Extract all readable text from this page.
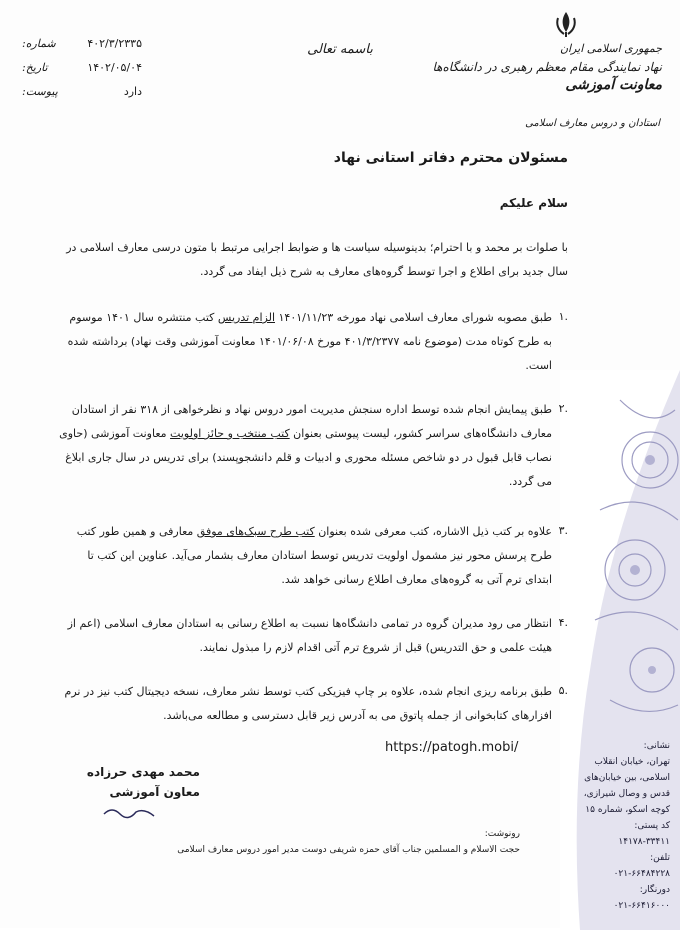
شماره:	۴۰۲/۳/۲۳۳۵
تاریخ:	۱۴۰۲/۰۵/۰۴
پیوست:	دارد
باسمه تعالی	جمهوری اسلامی ایران
نهاد نمایندگی مقام معظم رهبری در دانشگاه‌ها
معاونت آموزشی
استادان و دروس معارف اسلامی
مسئولان محترم دفاتر استانی نهاد
سلام علیکم
با صلوات بر محمد و با احترام؛ بدینوسیله سیاست ها و ضوابط اجرایی مرتبط با متون درسی معارف اسلامی در سال جدید برای اطلاع و اجرا توسط گروه‌های معارف به شرح ذیل ایفاد می گردد.
۱.
طبق مصوبه شورای معارف اسلامی نهاد مورخه ۱۴۰۱/۱۱/۲۳ الزام تدریس کتب منتشره سال ۱۴۰۱ موسوم به طرح کوتاه مدت (موضوع نامه ۴۰۱/۳/۲۳۷۷ مورخ ۱۴۰۱/۰۶/۰۸ معاونت آموزشی وقت نهاد) برداشته شده است.
۲.
طبق پیمایش انجام شده توسط اداره سنجش مدیریت امور دروس نهاد و نظرخواهی از ۳۱۸ نفر از استادان معارف دانشگاه‌های سراسر کشور، لیست پیوستی بعنوان کتب منتخب و حائز اولویت معاونت آموزشی (حاوی نصاب قابل قبول در دو شاخص مسئله محوری و ادبیات و قلم دانشجوپسند) برای تدریس در سال جاری ابلاغ می گردد.
۳.
علاوه بر کتب ذیل الاشاره، کتب معرفی شده بعنوان کتب طرح سبک‌های موفق معارفی و همین طور کتب طرح پرسش محور نیز مشمول اولویت تدریس توسط استادان معارف بشمار می‌آید. عناوین این کتب تا ابتدای ترم آتی به گروه‌های معارف اطلاع رسانی خواهد شد.
۴.
انتظار می رود مدیران گروه در تمامی دانشگاه‌ها نسبت به اطلاع رسانی به استادان معارف اسلامی (اعم از هیئت علمی و حق التدریس) قبل از شروع ترم آتی اقدام لازم را مبذول نمایند.
۵.
طبق برنامه ریزی انجام شده، علاوه بر چاپ فیزیکی کتب توسط نشر معارف، نسخه دیجیتال کتب نیز در نرم افزارهای کتابخوانی از جمله پاتوق می به آدرس زیر قابل دسترسی و مطالعه می‌باشد.
https://patogh.mobi/
محمد مهدی حرزاده
معاون آموزشی
رونوشت:
حجت الاسلام و المسلمین جناب آقای حمزه شریفی دوست مدیر امور دروس معارف اسلامی
نشانی:
تهران، خیابان انقلاب اسلامی، بین خیابان‌های قدس و وصال شیرازی، کوچه اسکو، شماره ۱۵
کد پستی:
۱۴۱۷۸-۳۳۴۱۱
تلفن:
۰۲۱-۶۶۴۸۴۲۲۸
دورنگار:
۰۲۱-۶۶۴۱۶۰۰۰
